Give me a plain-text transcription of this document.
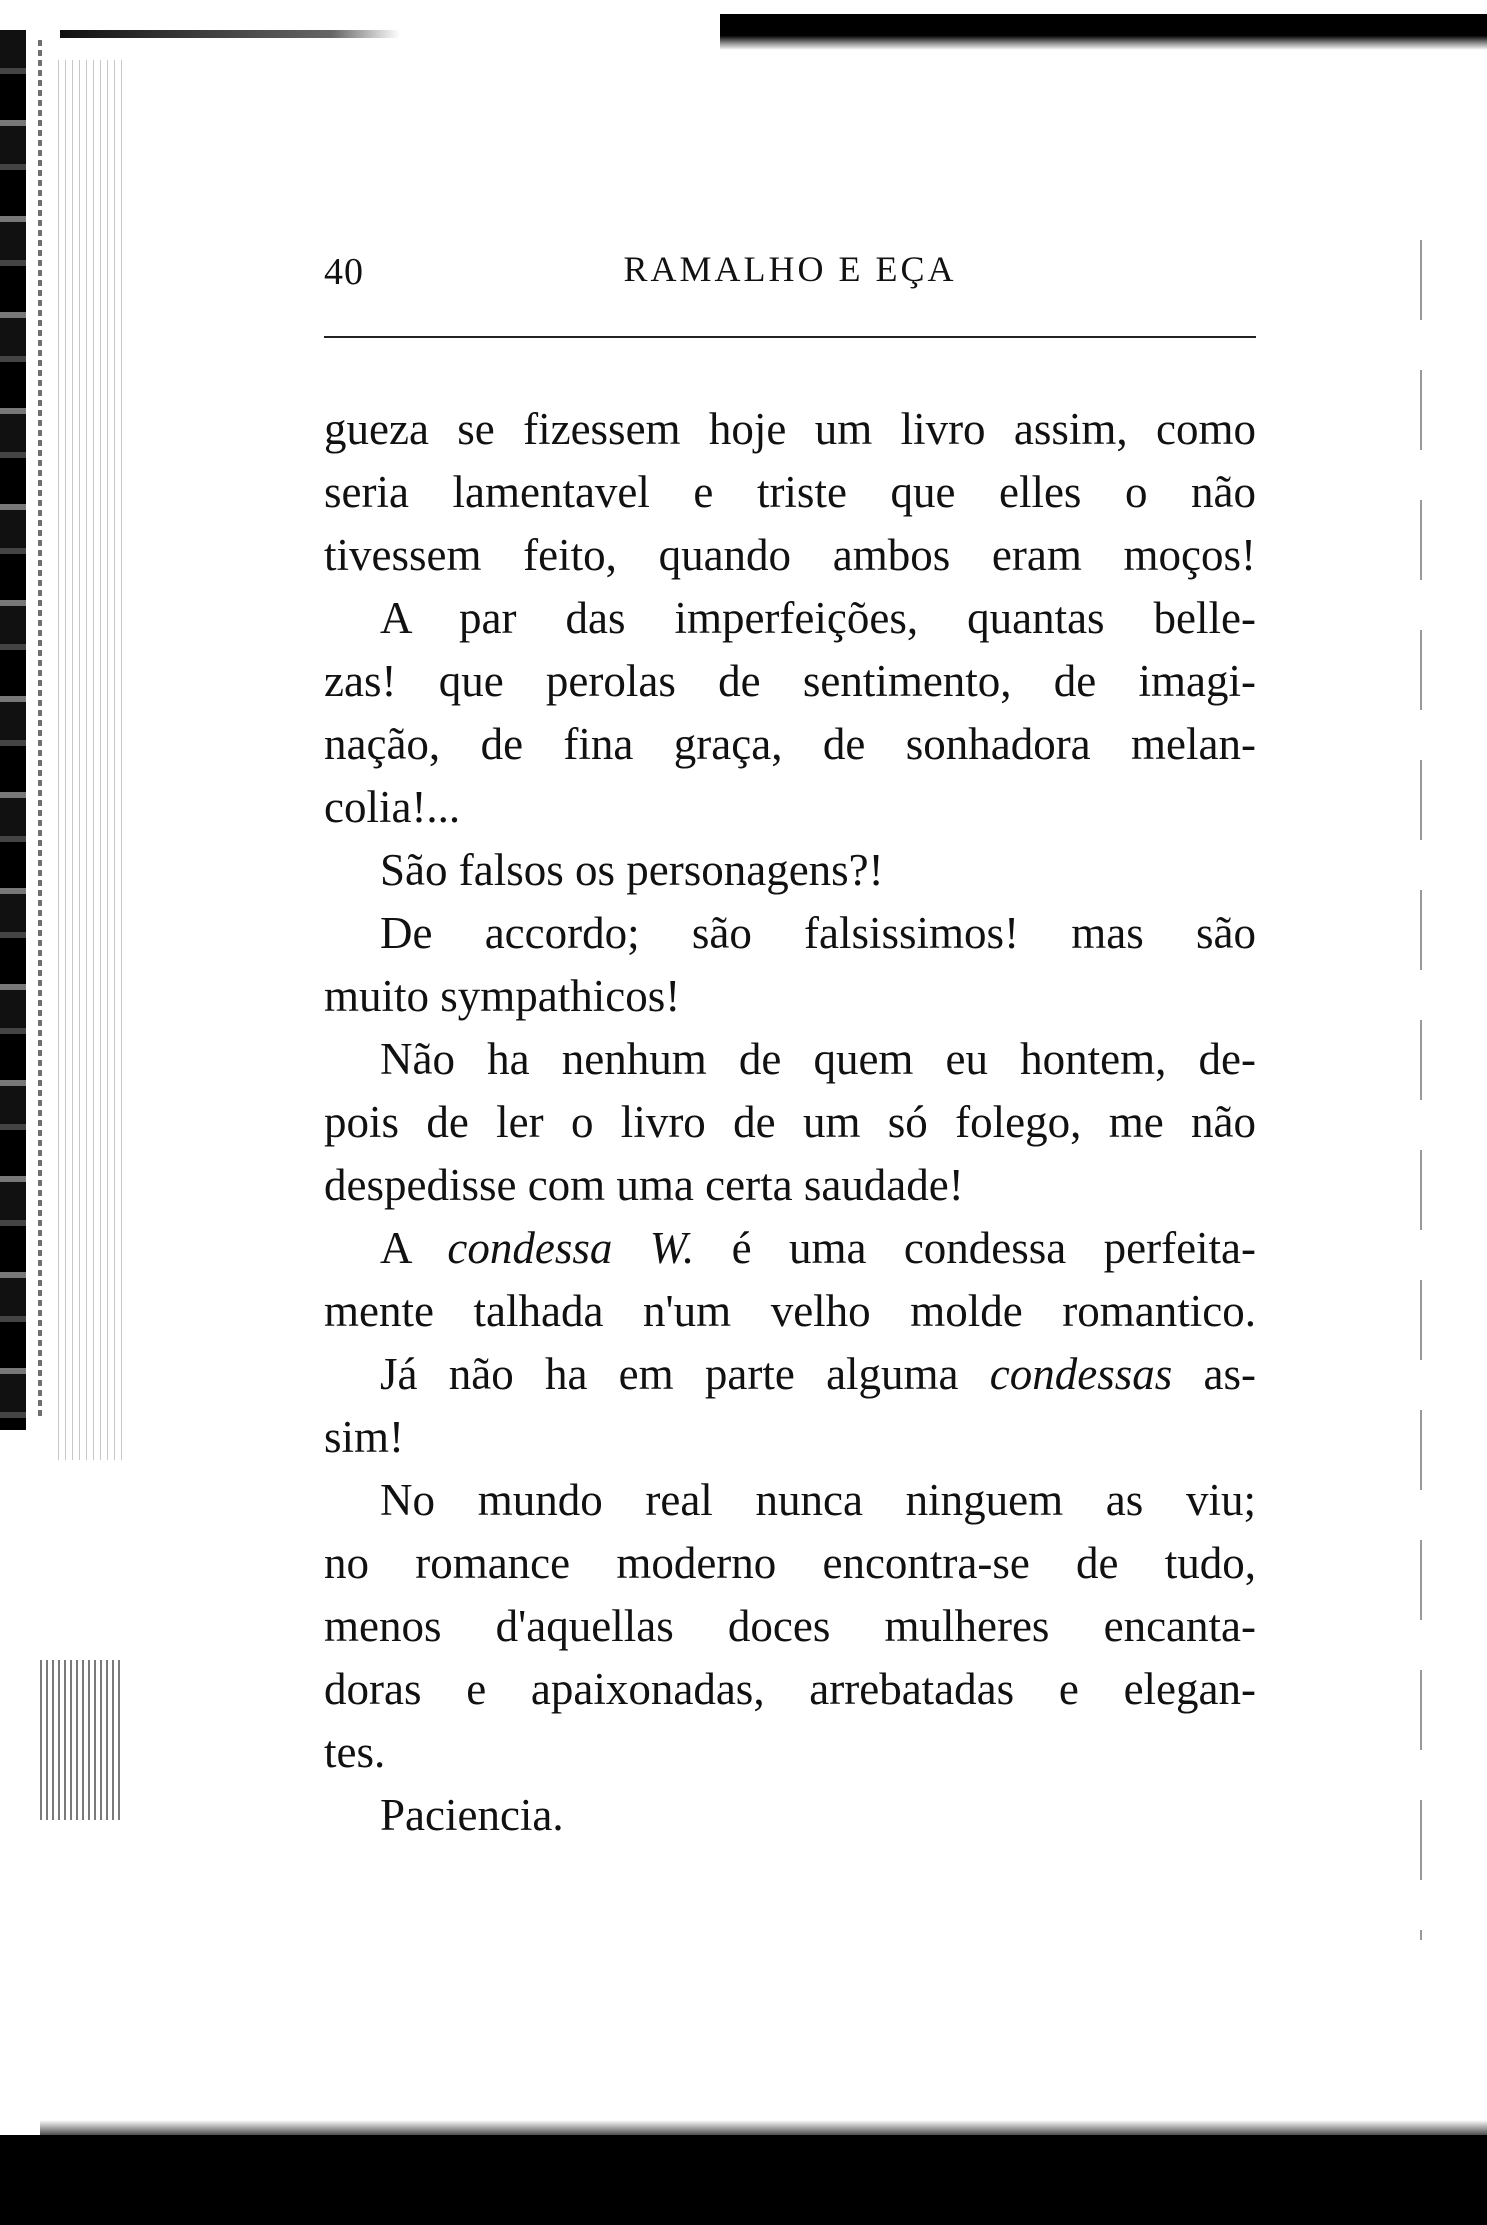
40	RAMALHO E EÇA
gueza se fizessem hoje um livro assim, como
seria lamentavel e triste que elles o não
tivessem feito, quando ambos eram moços!
A par das imperfeições, quantas belle-
zas! que perolas de sentimento, de imagi-
nação, de fina graça, de sonhadora melan-
colia!...
São falsos os personagens?!
De accordo; são falsissimos! mas são
muito sympathicos!
Não ha nenhum de quem eu hontem, de-
pois de ler o livro de um só folego, me não
despedisse com uma certa saudade!
A condessa W. é uma condessa perfeita-
mente talhada n'um velho molde romantico.
Já não ha em parte alguma condessas as-
sim!
No mundo real nunca ninguem as viu;
no romance moderno encontra-se de tudo,
menos d'aquellas doces mulheres encanta-
doras e apaixonadas, arrebatadas e elegan-
tes.
Paciencia.
